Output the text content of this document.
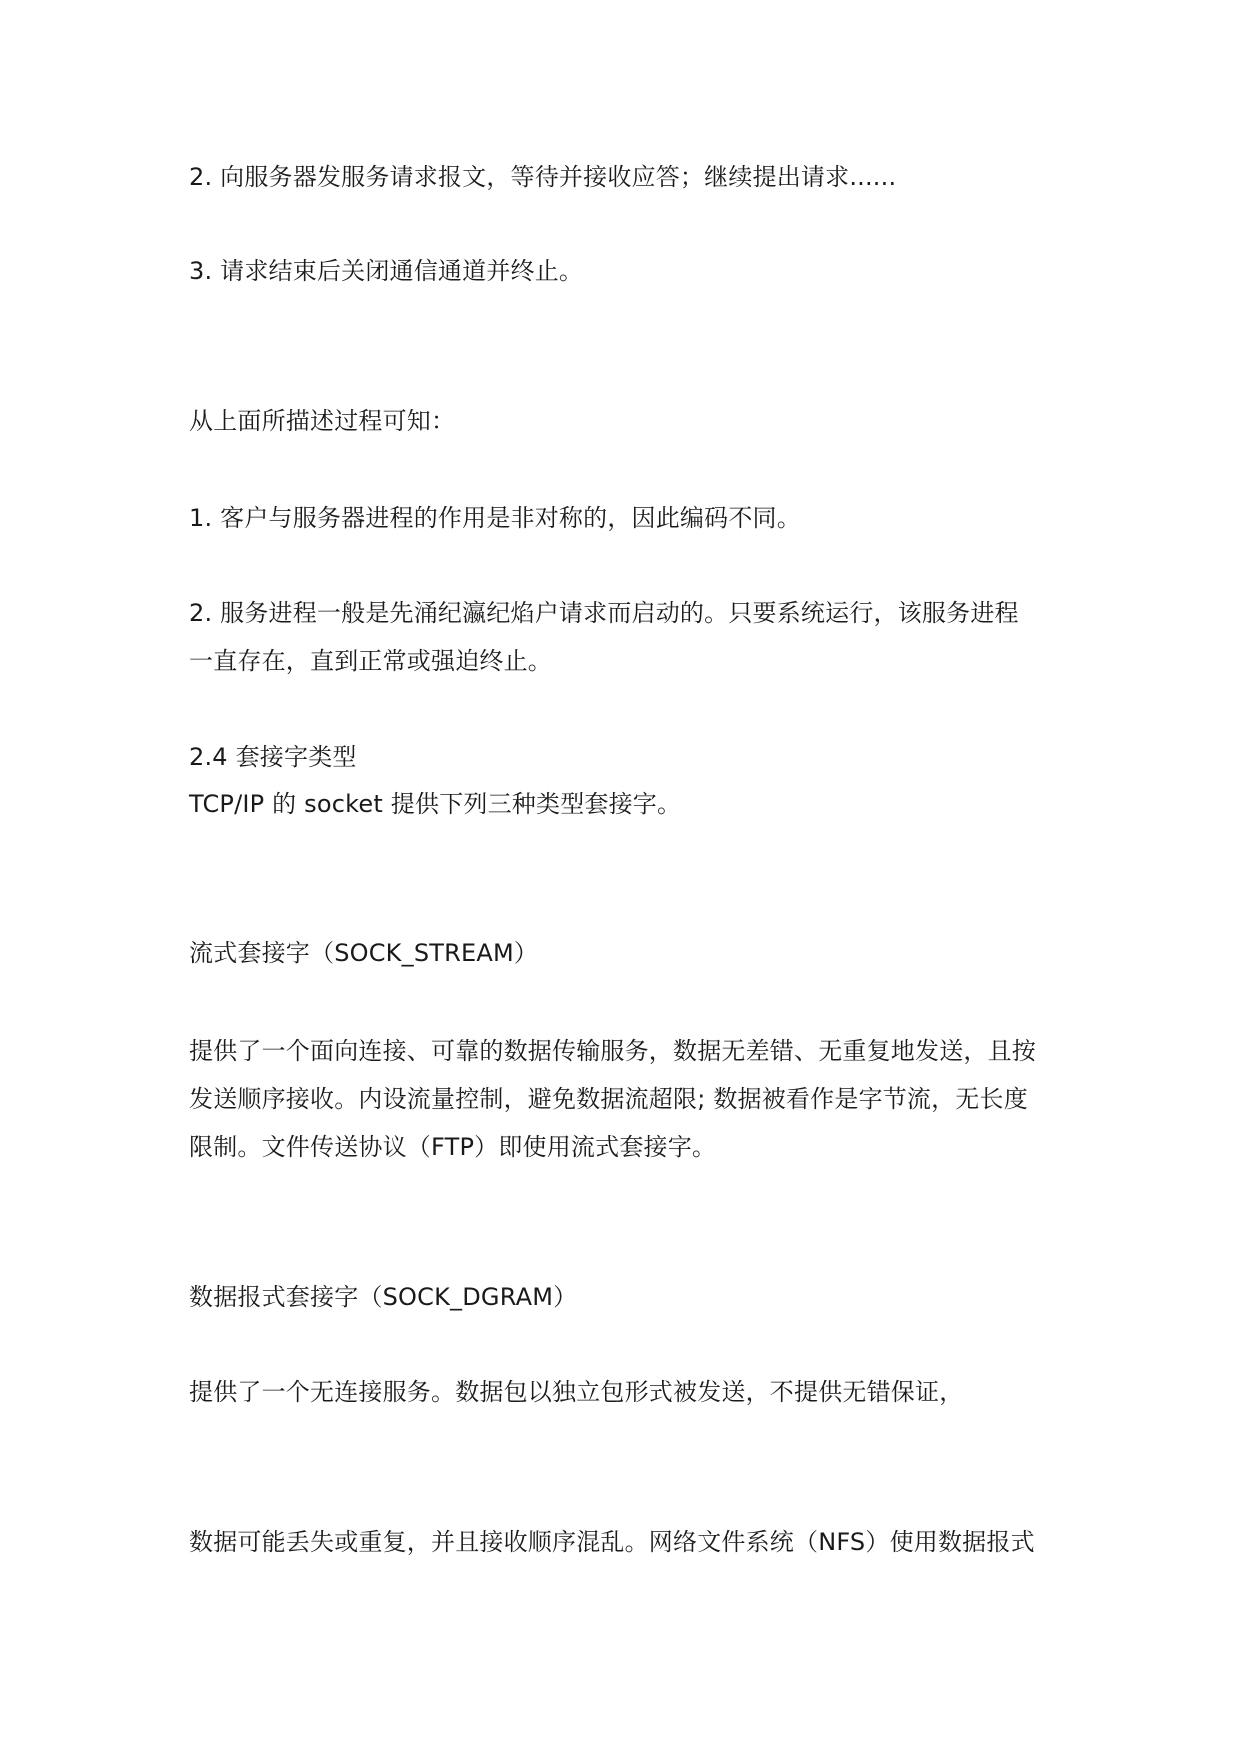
2. 向服务器发服务请求报文，等待并接收应答；继续提出请求......
3. 请求结束后关闭通信通道并终止。
从上面所描述过程可知：
1. 客户与服务器进程的作用是非对称的，因此编码不同。
2. 服务进程一般是先涌纪瀛纪焰户请求而启动的。只要系统运行，该服务进程
一直存在，直到正常或强迫终止。
2.4 套接字类型
TCP/IP 的 socket 提供下列三种类型套接字。
流式套接字（SOCK_STREAM）
提供了一个面向连接、可靠的数据传输服务，数据无差错、无重复地发送，且按
发送顺序接收。内设流量控制，避免数据流超限; 数据被看作是字节流，无长度
限制。文件传送协议（FTP）即使用流式套接字。
数据报式套接字（SOCK_DGRAM）
提供了一个无连接服务。数据包以独立包形式被发送，不提供无错保证，
数据可能丢失或重复，并且接收顺序混乱。网络文件系统（NFS）使用数据报式
